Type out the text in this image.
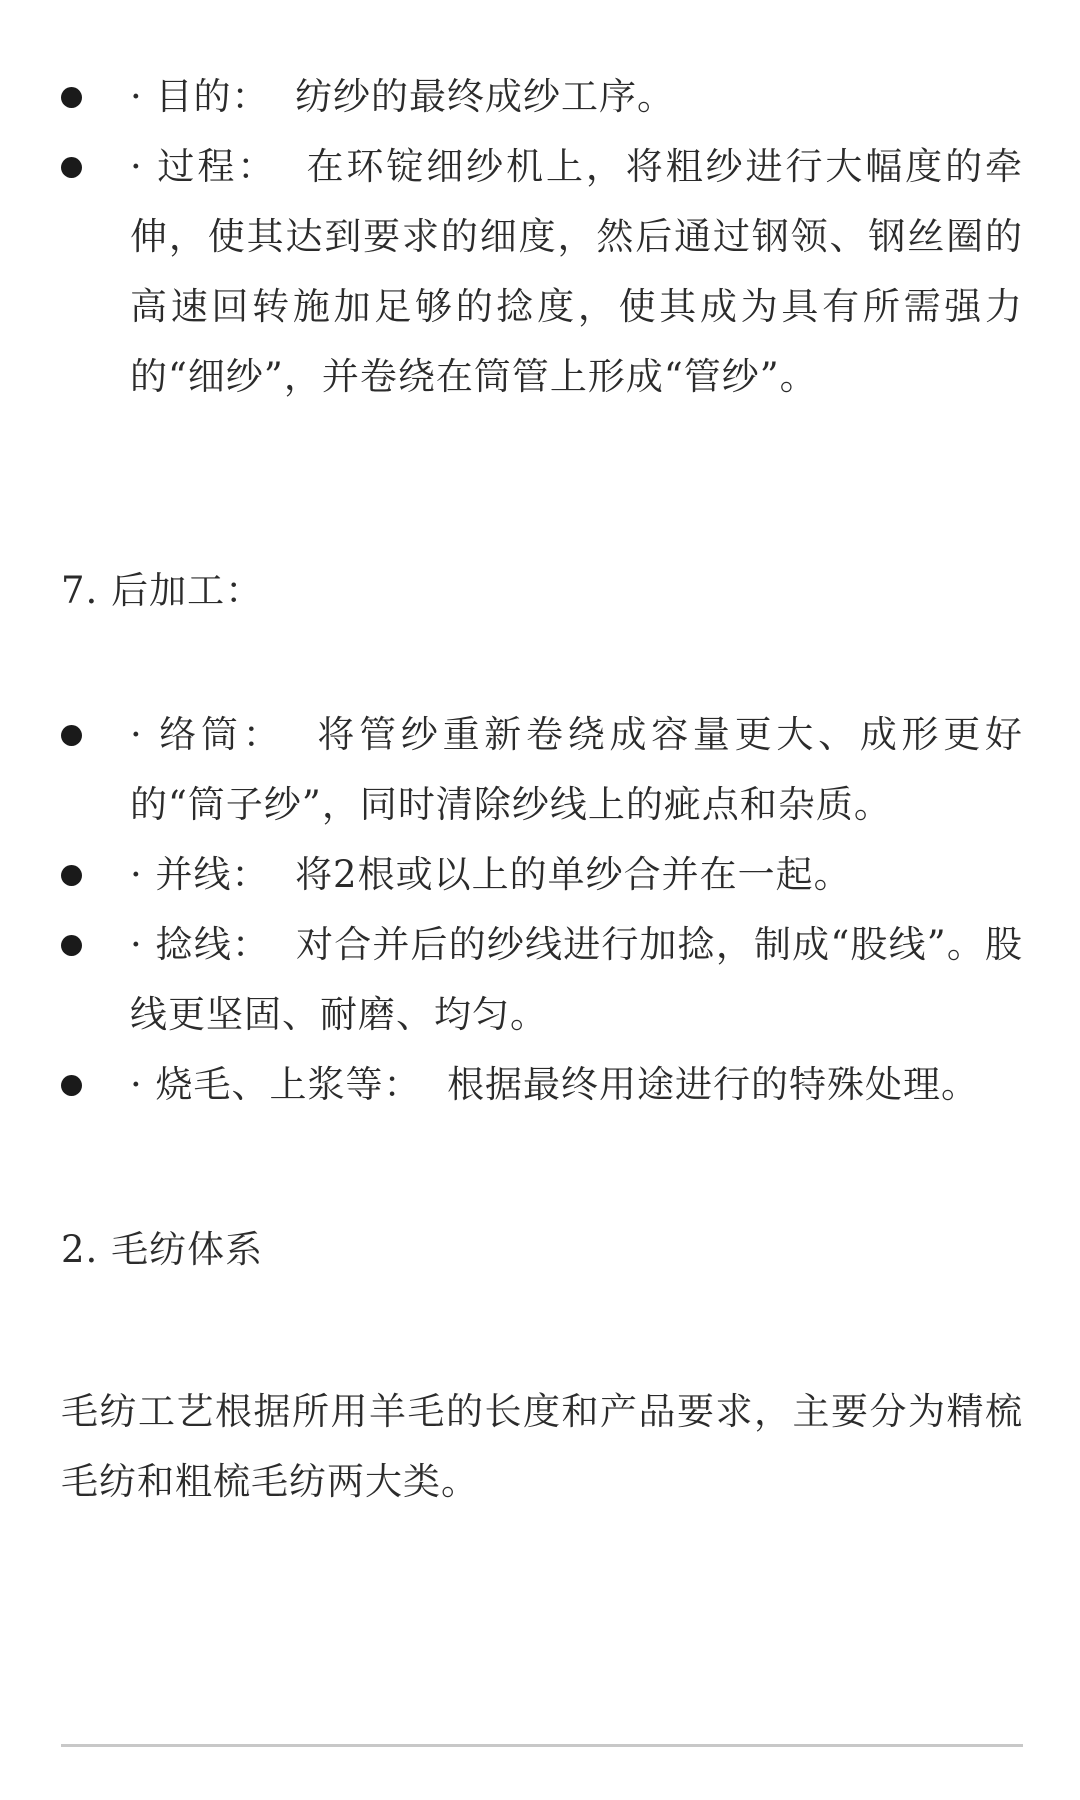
· 目的： 纺纱的最终成纱工序。
· 过程： 在环锭细纱机上，将粗纱进行大幅度的牵伸，使其达到要求的细度，然后通过钢领、钢丝圈的高速回转施加足够的捻度，使其成为具有所需强力的“细纱”，并卷绕在筒管上形成“管纱”。
7. 后加工：
· 络筒： 将管纱重新卷绕成容量更大、成形更好的“筒子纱”，同时清除纱线上的疵点和杂质。
· 并线： 将2根或以上的单纱合并在一起。
· 捻线： 对合并后的纱线进行加捻，制成“股线”。股线更坚固、耐磨、均匀。
· 烧毛、上浆等： 根据最终用途进行的特殊处理。
2. 毛纺体系

毛纺工艺根据所用羊毛的长度和产品要求，主要分为精梳毛纺和粗梳毛纺两大类。
